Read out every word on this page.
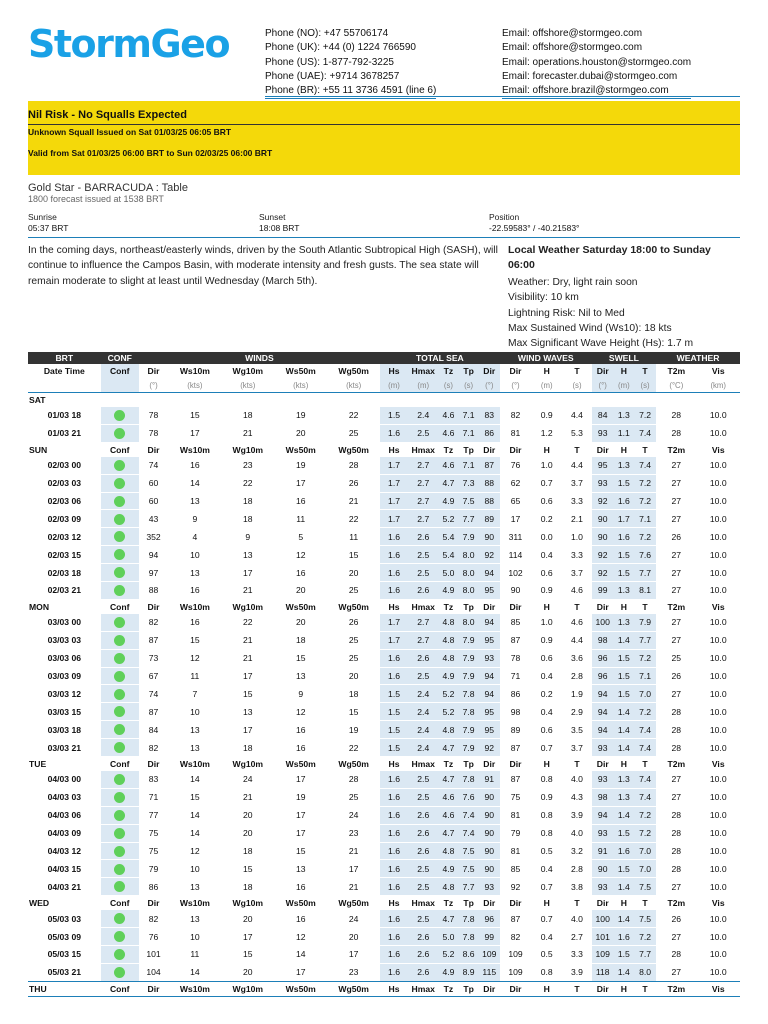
StormGeo	Phone (NO): +47 55706174
Phone (UK): +44 (0) 1224 766590
Phone (US): 1-877-792-3225
Phone (UAE): +9714 3678257
Phone (BR): +55 11 3736 4591 (line 6)
Email: offshore@stormgeo.com
Email: offshore@stormgeo.com
Email: operations.houston@stormgeo.com
Email: forecaster.dubai@stormgeo.com
Email: offshore.brazil@stormgeo.com
Nil Risk - No Squalls Expected
Unknown Squall Issued on Sat 01/03/25 06:05 BRT
Valid from Sat 01/03/25 06:00 BRT to Sun 02/03/25 06:00 BRT
Gold Star - BARRACUDA : Table
1800 forecast issued at 1538 BRT
Sunrise
05:37 BRT
Sunset
18:08 BRT
Position
-22.59583° / -40.21583°
In the coming days, northeast/easterly winds, driven by the South Atlantic Subtropical High (SASH), will continue to influence the Campos Basin, with moderate intensity and fresh gusts. The sea state will remain moderate to slight at least until Wednesday (March 5th).
Local Weather Saturday 18:00 to Sunday 06:00
Weather: Dry, light rain soon
Visibility: 10 km
Lightning Risk: Nil to Med
Max Sustained Wind (Ws10): 18 kts
Max Significant Wave Height (Hs): 1.7 m
BRT	CONF	WINDS					TOTAL SEA					WIND WAVES			SWELL			WEATHER	
Date Time	Conf	Dir	Ws10m	Wg10m	Ws50m	Wg50m	Hs	Hmax	Tz	Tp	Dir	Dir	H	T	Dir	H	T	T2m	Vis
		(°)	(kts)	(kts)	(kts)	(kts)	(m)	(m)	(s)	(s)	(°)	(°)	(m)	(s)	(°)	(m)	(s)	(°C)	(km)
SAT																			
01/03 18		78	15	18	19	22	1.5	2.4	4.6	7.1	83	82	0.9	4.4	84	1.3	7.2	28	10.0
01/03 21		78	17	21	20	25	1.6	2.5	4.6	7.1	86	81	1.2	5.3	93	1.1	7.4	28	10.0
SUN	Conf	Dir	Ws10m	Wg10m	Ws50m	Wg50m	Hs	Hmax	Tz	Tp	Dir	Dir	H	T	Dir	H	T	T2m	Vis
02/03 00		74	16	23	19	28	1.7	2.7	4.6	7.1	87	76	1.0	4.4	95	1.3	7.4	27	10.0
02/03 03		60	14	22	17	26	1.7	2.7	4.7	7.3	88	62	0.7	3.7	93	1.5	7.2	27	10.0
02/03 06		60	13	18	16	21	1.7	2.7	4.9	7.5	88	65	0.6	3.3	92	1.6	7.2	27	10.0
02/03 09		43	9	18	11	22	1.7	2.7	5.2	7.7	89	17	0.2	2.1	90	1.7	7.1	27	10.0
02/03 12		352	4	9	5	11	1.6	2.6	5.4	7.9	90	311	0.0	1.0	90	1.6	7.2	26	10.0
02/03 15		94	10	13	12	15	1.6	2.5	5.4	8.0	92	114	0.4	3.3	92	1.5	7.6	27	10.0
02/03 18		97	13	17	16	20	1.6	2.5	5.0	8.0	94	102	0.6	3.7	92	1.5	7.7	27	10.0
02/03 21		88	16	21	20	25	1.6	2.6	4.9	8.0	95	90	0.9	4.6	99	1.3	8.1	27	10.0
MON	Conf	Dir	Ws10m	Wg10m	Ws50m	Wg50m	Hs	Hmax	Tz	Tp	Dir	Dir	H	T	Dir	H	T	T2m	Vis
03/03 00		82	16	22	20	26	1.7	2.7	4.8	8.0	94	85	1.0	4.6	100	1.3	7.9	27	10.0
03/03 03		87	15	21	18	25	1.7	2.7	4.8	7.9	95	87	0.9	4.4	98	1.4	7.7	27	10.0
03/03 06		73	12	21	15	25	1.6	2.6	4.8	7.9	93	78	0.6	3.6	96	1.5	7.2	25	10.0
03/03 09		67	11	17	13	20	1.6	2.5	4.9	7.9	94	71	0.4	2.8	96	1.5	7.1	26	10.0
03/03 12		74	7	15	9	18	1.5	2.4	5.2	7.8	94	86	0.2	1.9	94	1.5	7.0	27	10.0
03/03 15		87	10	13	12	15	1.5	2.4	5.2	7.8	95	98	0.4	2.9	94	1.4	7.2	28	10.0
03/03 18		84	13	17	16	19	1.5	2.4	4.8	7.9	95	89	0.6	3.5	94	1.4	7.4	28	10.0
03/03 21		82	13	18	16	22	1.5	2.4	4.7	7.9	92	87	0.7	3.7	93	1.4	7.4	28	10.0
TUE	Conf	Dir	Ws10m	Wg10m	Ws50m	Wg50m	Hs	Hmax	Tz	Tp	Dir	Dir	H	T	Dir	H	T	T2m	Vis
04/03 00		83	14	24	17	28	1.6	2.5	4.7	7.8	91	87	0.8	4.0	93	1.3	7.4	27	10.0
04/03 03		71	15	21	19	25	1.6	2.5	4.6	7.6	90	75	0.9	4.3	98	1.3	7.4	27	10.0
04/03 06		77	14	20	17	24	1.6	2.6	4.6	7.4	90	81	0.8	3.9	94	1.4	7.2	28	10.0
04/03 09		75	14	20	17	23	1.6	2.6	4.7	7.4	90	79	0.8	4.0	93	1.5	7.2	28	10.0
04/03 12		75	12	18	15	21	1.6	2.6	4.8	7.5	90	81	0.5	3.2	91	1.6	7.0	28	10.0
04/03 15		79	10	15	13	17	1.6	2.5	4.9	7.5	90	85	0.4	2.8	90	1.5	7.0	28	10.0
04/03 21		86	13	18	16	21	1.6	2.5	4.8	7.7	93	92	0.7	3.8	93	1.4	7.5	27	10.0
WED	Conf	Dir	Ws10m	Wg10m	Ws50m	Wg50m	Hs	Hmax	Tz	Tp	Dir	Dir	H	T	Dir	H	T	T2m	Vis
05/03 03		82	13	20	16	24	1.6	2.5	4.7	7.8	96	87	0.7	4.0	100	1.4	7.5	26	10.0
05/03 09		76	10	17	12	20	1.6	2.6	5.0	7.8	99	82	0.4	2.7	101	1.6	7.2	27	10.0
05/03 15		101	11	15	14	17	1.6	2.6	5.2	8.6	109	109	0.5	3.3	109	1.5	7.7	28	10.0
05/03 21		104	14	20	17	23	1.6	2.6	4.9	8.9	115	109	0.8	3.9	118	1.4	8.0	27	10.0
THU	Conf	Dir	Ws10m	Wg10m	Ws50m	Wg50m	Hs	Hmax	Tz	Tp	Dir	Dir	H	T	Dir	H	T	T2m	Vis
